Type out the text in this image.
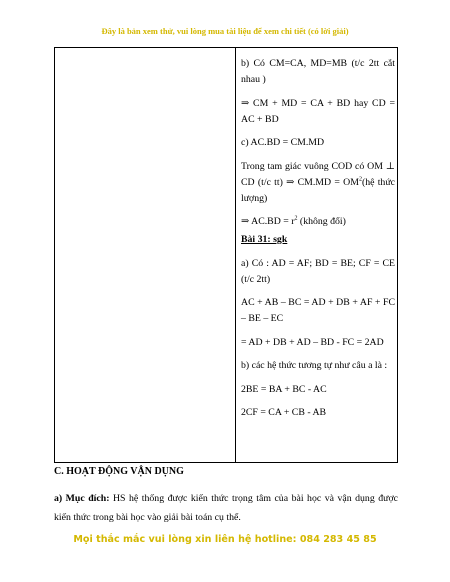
Đây là bản xem thử, vui lòng mua tài liệu để xem chi tiết (có lời giải)

b) Có CM=CA, MD=MB (t/c 2tt cắt nhau )

⇒ CM + MD = CA + BD hay CD = AC + BD

c) AC.BD = CM.MD

Trong tam giác vuông COD có OM ⊥ CD (t/c tt) ⇒ $CM.MD = OM^2(hệ$ thức lượng)

⇒ $AC.BD = r^2$ (không đổi)

Bài 31: sgk

a) Có : AD = AF; BD = BE; CF = CE (t/c 2tt)

AC + AB – BC = AD + DB + AF + FC – BE – EC

= AD + DB + AD – BD - FC = 2AD

b) các hệ thức tương tự như câu a là :

2BE = BA + BC - AC

2CF = CA + CB - AB

C. HOẠT ĐỘNG VẬN DỤNG
a) Mục đích: HS hệ thống được kiến thức trọng tâm của bài học và vận dụng được kiến thức trong bài học vào giải bài toán cụ thể.
Mọi thắc mắc vui lòng xin liên hệ hotline: 084 283 45 85
